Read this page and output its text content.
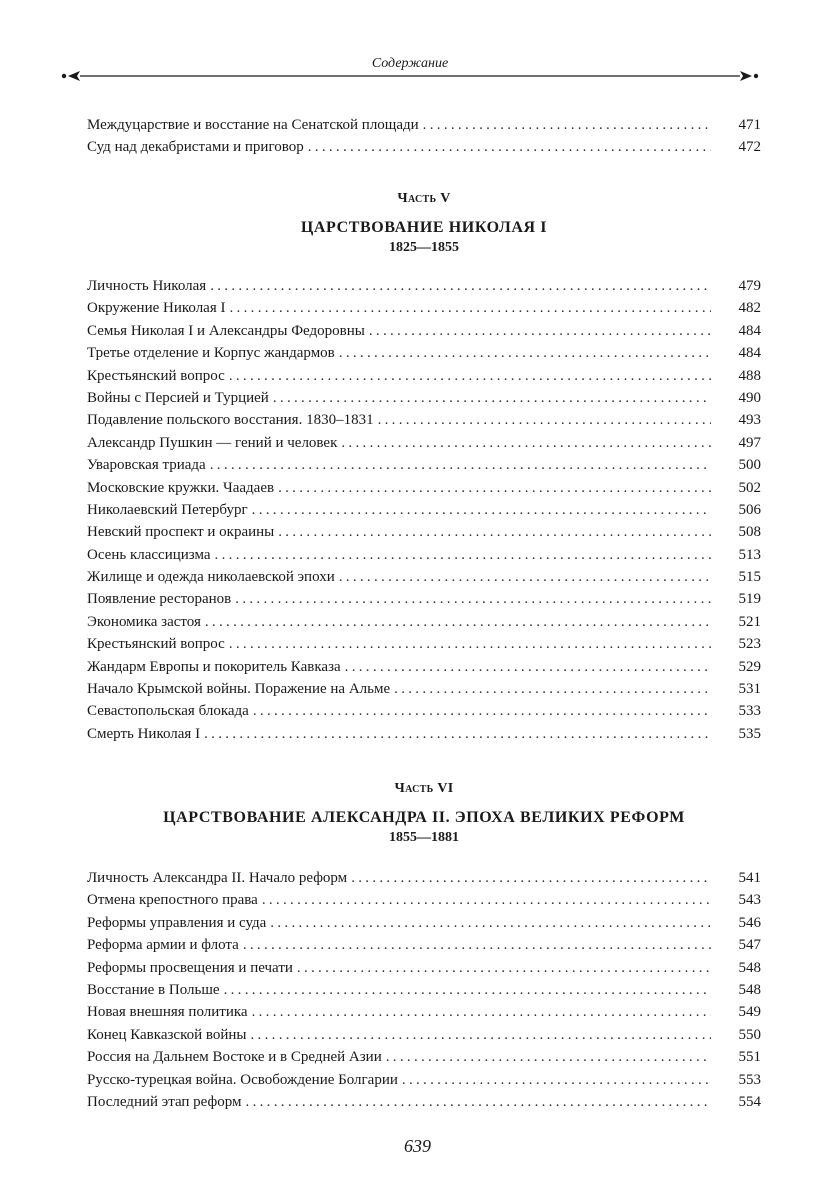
Содержание
Междуцарствие и восстание на Сенатской площади .....	471
Суд над декабристами и приговор .....	472
Часть V
ЦАРСТВОВАНИЕ НИКОЛАЯ I
1825—1855
Личность Николая .....	479
Окружение Николая I .....	482
Семья Николая I и Александры Федоровны .....	484
Третье отделение и Корпус жандармов .....	484
Крестьянский вопрос .....	488
Войны с Персией и Турцией .....	490
Подавление польского восстания. 1830–1831 .....	493
Александр Пушкин — гений и человек .....	497
Уваровская триада .....	500
Московские кружки. Чаадаев .....	502
Николаевский Петербург .....	506
Невский проспект и окраины .....	508
Осень классицизма .....	513
Жилище и одежда николаевской эпохи .....	515
Появление ресторанов .....	519
Экономика застоя .....	521
Крестьянский вопрос .....	523
Жандарм Европы и покоритель Кавказа .....	529
Начало Крымской войны. Поражение на Альме .....	531
Севастопольская блокада .....	533
Смерть Николая I .....	535
Часть VI
ЦАРСТВОВАНИЕ АЛЕКСАНДРА II. ЭПОХА ВЕЛИКИХ РЕФОРМ
1855—1881
Личность Александра II. Начало реформ .....	541
Отмена крепостного права .....	543
Реформы управления и суда .....	546
Реформа армии и флота .....	547
Реформы просвещения и печати .....	548
Восстание в Польше .....	548
Новая внешняя политика .....	549
Конец Кавказской войны .....	550
Россия на Дальнем Востоке и в Средней Азии .....	551
Русско-турецкая война. Освобождение Болгарии .....	553
Последний этап реформ .....	554
639
